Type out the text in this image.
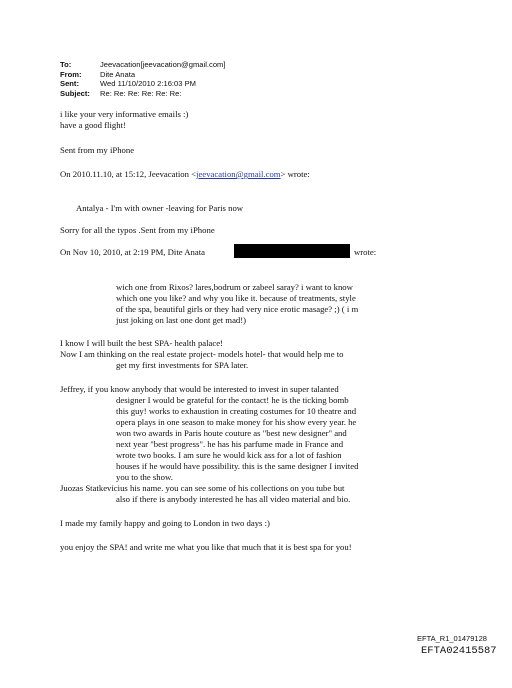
To:	Jeevacation[jeevacation@gmail.com]
From:	Dite Anata
Sent:	Wed 11/10/2010 2:16:03 PM
Subject:	Re: Re: Re: Re: Re: Re:
i like your very informative emails :)
have a good flight!
Sent from my iPhone
On 2010.11.10, at 15:12, Jeevacation <jeevacation@gmail.com> wrote:
Antalya - I'm with owner -leaving for Paris now
Sorry for all the typos .Sent from my iPhone
On Nov 10, 2010, at 2:19 PM, Dite Anata	wrote:
wich one from Rixos? lares,bodrum or zabeel saray? i want to know
which one you like? and why you like it. because of treatments, style
of the spa, beautiful girls or they had very nice erotic masage? ;) ( i m
just joking on last one dont get mad!)
I know I will built the best SPA- health palace!
Now I am thinking on the real estate project- models hotel- that would help me to
get my first investments for SPA later.
Jeffrey, if you know anybody that would be interested to invest in super talanted
designer I would be grateful for the contact! he is the ticking bomb
this guy! works to exhaustion in creating costumes for 10 theatre and
opera plays in one season to make money for his show every year. he
won two awards in Paris houte couture as "best new designer" and
next year "best progress". he has his parfume made in France and
wrote two books. I am sure he would kick ass for a lot of fashion
houses if he would have possibility. this is the same designer I invited
you to the show.
Juozas Statkevicius his name. you can see some of his collections on you tube but
also if there is anybody interested he has all video material and bio.
I made my family happy and going to London in two days :)
you enjoy the SPA! and write me what you like that much that it is best spa for you!
EFTA_R1_01479128
EFTA02415587
